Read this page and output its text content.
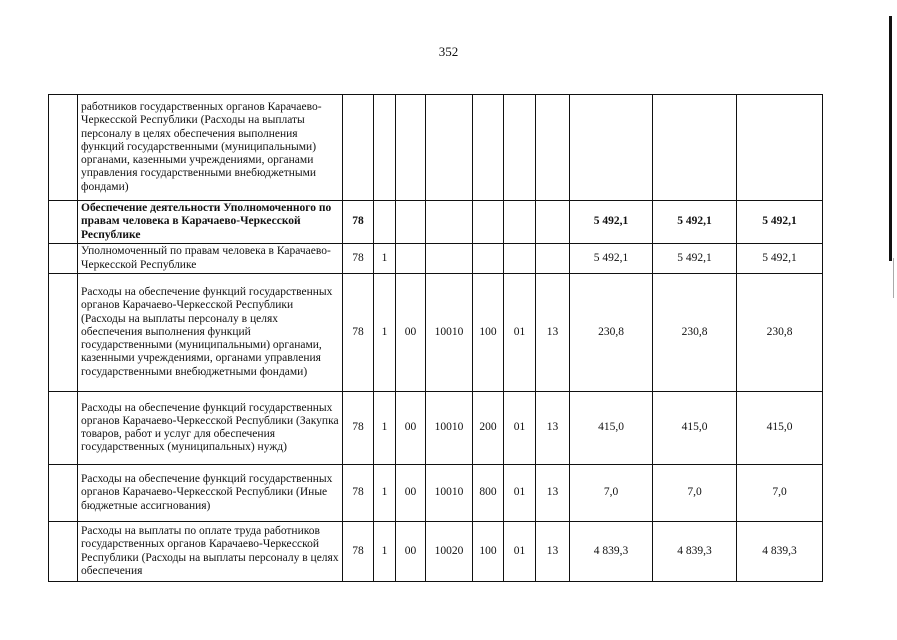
352
	работников государственных органов Карачаево-Черкесской Республики (Расходы на выплаты персоналу в целях обеспечения выполнения функций государственными (муниципальными) органами, казенными учреждениями, органами управления государственными внебюджетными фондами)										
	Обеспечение деятельности Уполномоченного по правам человека в Карачаево-Черкесской Республике	78							5 492,1	5 492,1	5 492,1
	Уполномоченный по правам человека в Карачаево-Черкесской Республике	78	1						5 492,1	5 492,1	5 492,1
	Расходы на обеспечение функций государственных органов Карачаево-Черкесской Республики (Расходы на выплаты персоналу в целях обеспечения выполнения функций государственными (муниципальными) органами, казенными учреждениями, органами управления государственными внебюджетными фондами)	78	1	00	10010	100	01	13	230,8	230,8	230,8
	Расходы на обеспечение функций государственных органов Карачаево-Черкесской Республики (Закупка товаров, работ и услуг для обеспечения государственных (муниципальных) нужд)	78	1	00	10010	200	01	13	415,0	415,0	415,0
	Расходы на обеспечение функций государственных органов Карачаево-Черкесской Республики (Иные бюджетные ассигнования)	78	1	00	10010	800	01	13	7,0	7,0	7,0
	Расходы на выплаты по оплате труда работников государственных органов Карачаево-Черкесской Республики (Расходы на выплаты персоналу в целях обеспечения	78	1	00	10020	100	01	13	4 839,3	4 839,3	4 839,3
